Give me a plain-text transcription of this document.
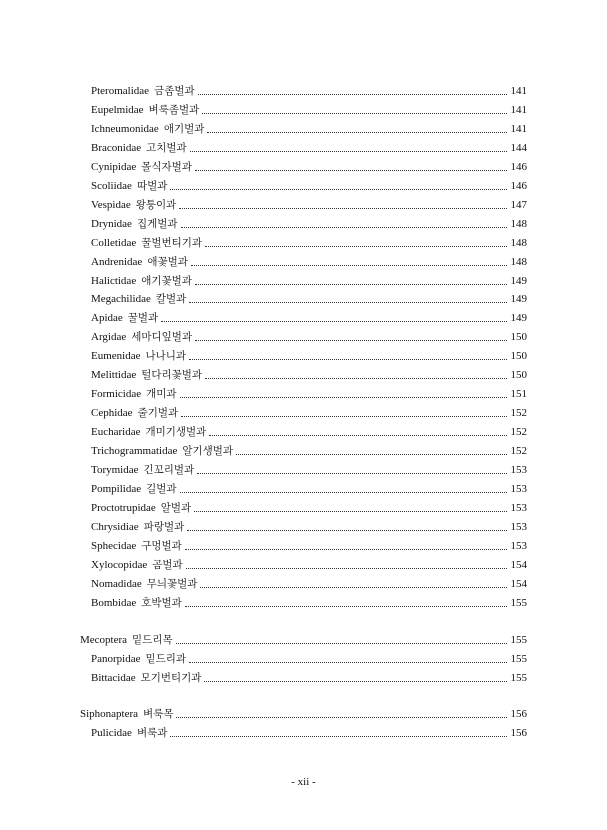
Pteromalidae 금좀벌과	141
Eupelmidae 벼룩좀벌과	141
Ichneumonidae 애기벌과	141
Braconidae 고치벌과	144
Cynipidae 몰식자벌과	146
Scoliidae 따벌과	146
Vespidae 왕퉁이과	147
Drynidae 집게벌과	148
Colletidae 꿀벌번티기과	148
Andrenidae 애꽃벌과	148
Halictidae 애기꽃벌과	149
Megachilidae 칼벌과	149
Apidae 꿀벌과	149
Argidae 세마디잎벌과	150
Eumenidae 나나니과	150
Melittidae 털다리꽃벌과	150
Formicidae 개미과	151
Cephidae 줄기벌과	152
Eucharidae 개미기생벌과	152
Trichogrammatidae 알기생벌과	152
Torymidae 긴꼬리벌과	153
Pompilidae 길벌과	153
Proctotrupidae 알벌과	153
Chrysidiae 파랑벌과	153
Sphecidae 구멍벌과	153
Xylocopidae 곰벌과	154
Nomadidae 무늬꽃벌과	154
Bombidae 호박벌과	155
Mecoptera 밑드리목	155
Panorpidae 밑드리과	155
Bittacidae 모기번티기과	155
Siphonaptera 벼룩목	156
Pulicidae 벼룩과	156
- xii -
